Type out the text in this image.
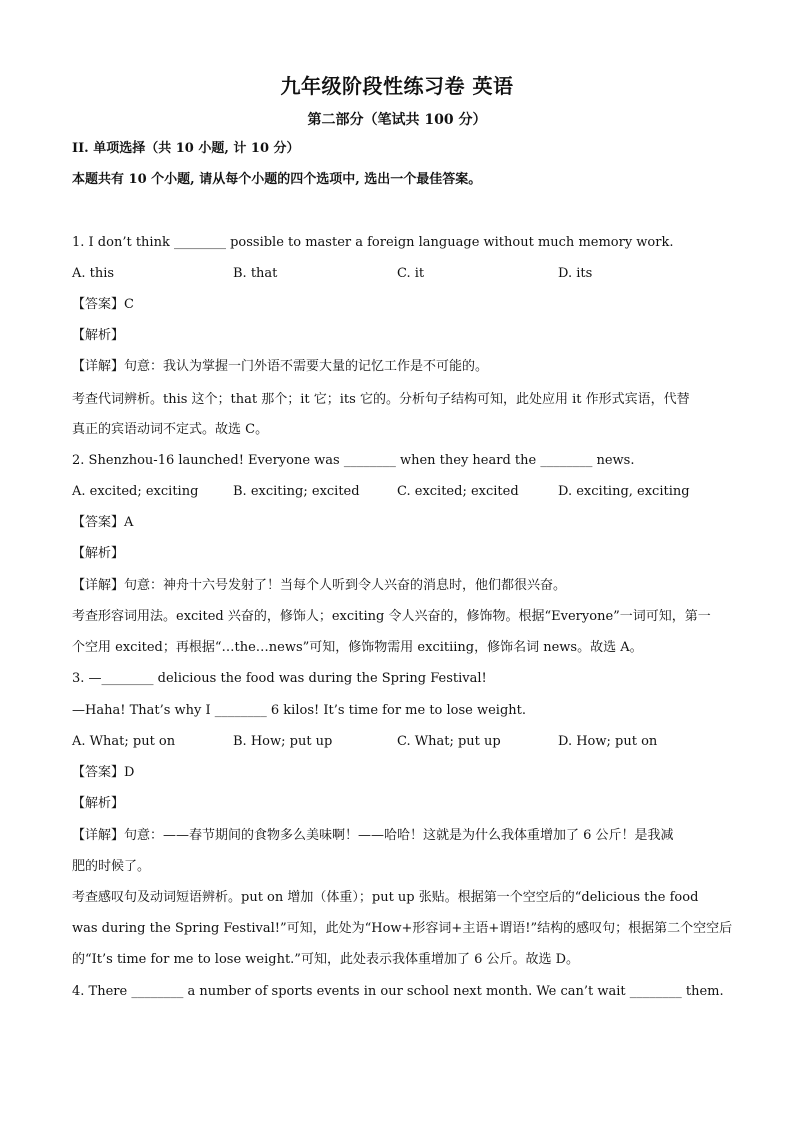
九年级阶段性练习卷 英语
第二部分（笔试共 100 分）
II. 单项选择（共 10 小题, 计 10 分）
本题共有 10 个小题, 请从每个小题的四个选项中, 选出一个最佳答案。
1. I don’t think ________ possible to master a foreign language without much memory work.
A. this	B. that	C. it	D. its
【答案】C
【解析】
【详解】句意：我认为掌握一门外语不需要大量的记忆工作是不可能的。
考查代词辨析。this 这个；that 那个；it 它；its 它的。分析句子结构可知，此处应用 it 作形式宾语，代替
真正的宾语动词不定式。故选 C。
2. Shenzhou-16 launched! Everyone was ________ when they heard the ________ news.
A. excited; exciting	B. exciting; excited	C. excited; excited	D. exciting, exciting
【答案】A
【解析】
【详解】句意：神舟十六号发射了！当每个人听到令人兴奋的消息时，他们都很兴奋。
考查形容词用法。excited 兴奋的，修饰人；exciting 令人兴奋的，修饰物。根据“Everyone”一词可知，第一
个空用 excited；再根据“…the…news”可知，修饰物需用 excitiing，修饰名词 news。故选 A。
3. —________ delicious the food was during the Spring Festival!
—Haha! That’s why I ________ 6 kilos! It’s time for me to lose weight.
A. What; put on	B. How; put up	C. What; put up	D. How; put on
【答案】D
【解析】
【详解】句意：——春节期间的食物多么美味啊！——哈哈！这就是为什么我体重增加了 6 公斤！是我减
肥的时候了。
考查感叹句及动词短语辨析。put on 增加（体重）；put up 张贴。根据第一个空空后的“delicious the food
was during the Spring Festival!”可知，此处为“How+形容词+主语+谓语!”结构的感叹句；根据第二个空空后
的“It’s time for me to lose weight.”可知，此处表示我体重增加了 6 公斤。故选 D。
4. There ________ a number of sports events in our school next month. We can’t wait ________ them.
